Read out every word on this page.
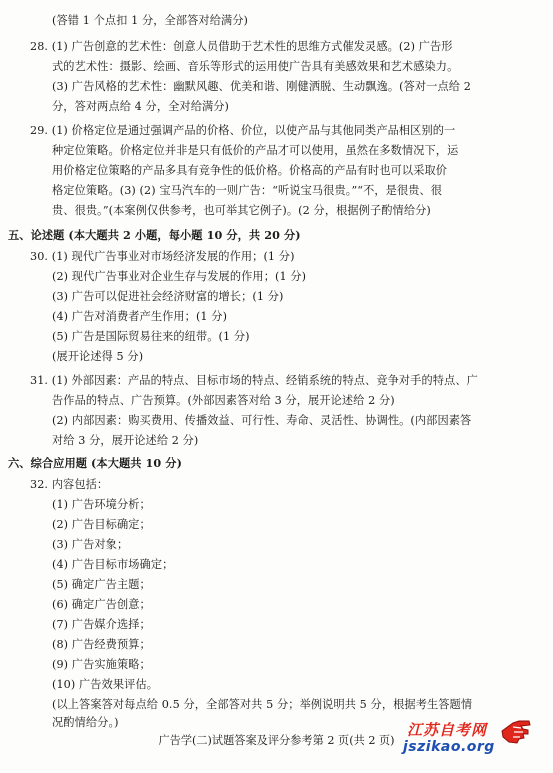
(答错 1 个点扣 1 分，全部答对给满分)
28. (1) 广告创意的艺术性：创意人员借助于艺术性的思维方式催发灵感。(2) 广告形
式的艺术性：摄影、绘画、音乐等形式的运用使广告具有美感效果和艺术感染力。
(3) 广告风格的艺术性：幽默风趣、优美和谐、刚健洒脱、生动飘逸。(答对一点给 2
分，答对两点给 4 分，全对给满分)
29. (1) 价格定位是通过强调产品的价格、价位，以使产品与其他同类产品相区别的一
种定位策略。价格定位并非是只有低价的产品才可以使用，虽然在多数情况下，运
用价格定位策略的产品多具有竞争性的低价格。价格高的产品有时也可以采取价
格定位策略。(3) (2) 宝马汽车的一则广告：“听说宝马很贵。”“不，是很贵、很
贵、很贵。”(本案例仅供参考，也可举其它例子)。(2 分，根据例子酌情给分)
五、论述题 (本大题共 2 小题，每小题 10 分，共 20 分)
30. (1) 现代广告事业对市场经济发展的作用；(1 分)
(2) 现代广告事业对企业生存与发展的作用；(1 分)
(3) 广告可以促进社会经济财富的增长；(1 分)
(4) 广告对消费者产生作用；(1 分)
(5) 广告是国际贸易往来的纽带。(1 分)
(展开论述得 5 分)
31. (1) 外部因素：产品的特点、目标市场的特点、经销系统的特点、竞争对手的特点、广
告作品的特点、广告预算。(外部因素答对给 3 分，展开论述给 2 分)
(2) 内部因素：购买费用、传播效益、可行性、寿命、灵活性、协调性。(内部因素答
对给 3 分，展开论述给 2 分)
六、综合应用题 (本大题共 10 分)
32. 内容包括：
(1) 广告环境分析；
(2) 广告目标确定；
(3) 广告对象；
(4) 广告目标市场确定；
(5) 确定广告主题；
(6) 确定广告创意；
(7) 广告媒介选择；
(8) 广告经费预算；
(9) 广告实施策略；
(10) 广告效果评估。
(以上答案答对每点给 0.5 分，全部答对共 5 分；举例说明共 5 分，根据考生答题情
况酌情给分。)
广告学(二)试题答案及评分参考第 2 页(共 2 页)
江苏自考网
jszikao.org
